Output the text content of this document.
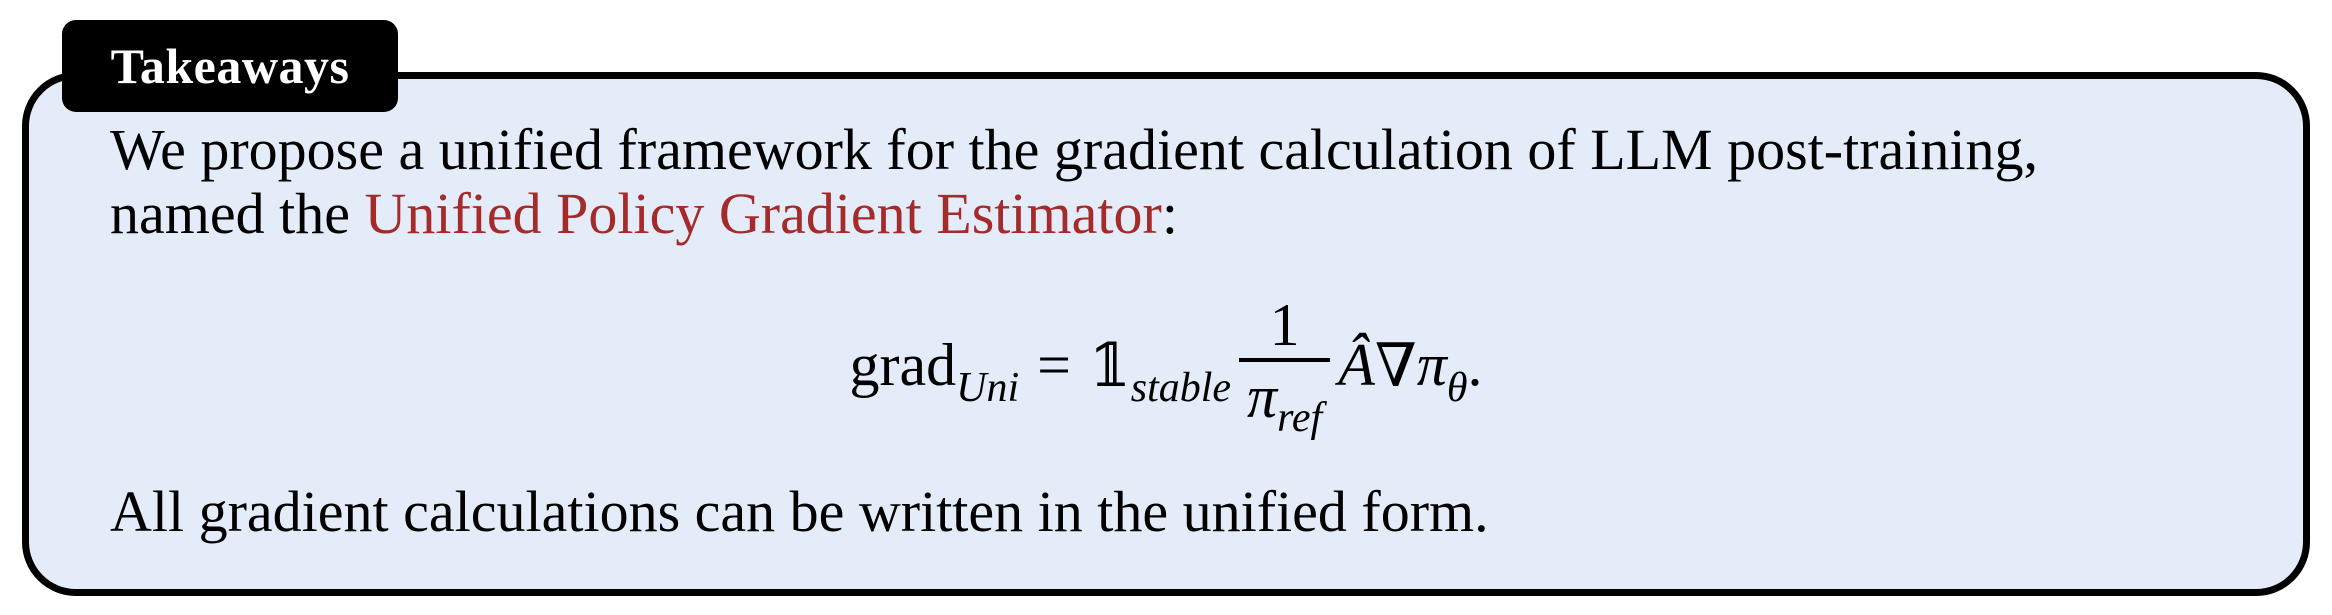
Takeaways
We propose a unified framework for the gradient calculation of LLM post-training,
named the Unified Policy Gradient Estimator:
grad Uni = 𝟙 stable $\frac{1}{\pi_{ref}}$ Â ∇ π θ .
All gradient calculations can be written in the unified form.
